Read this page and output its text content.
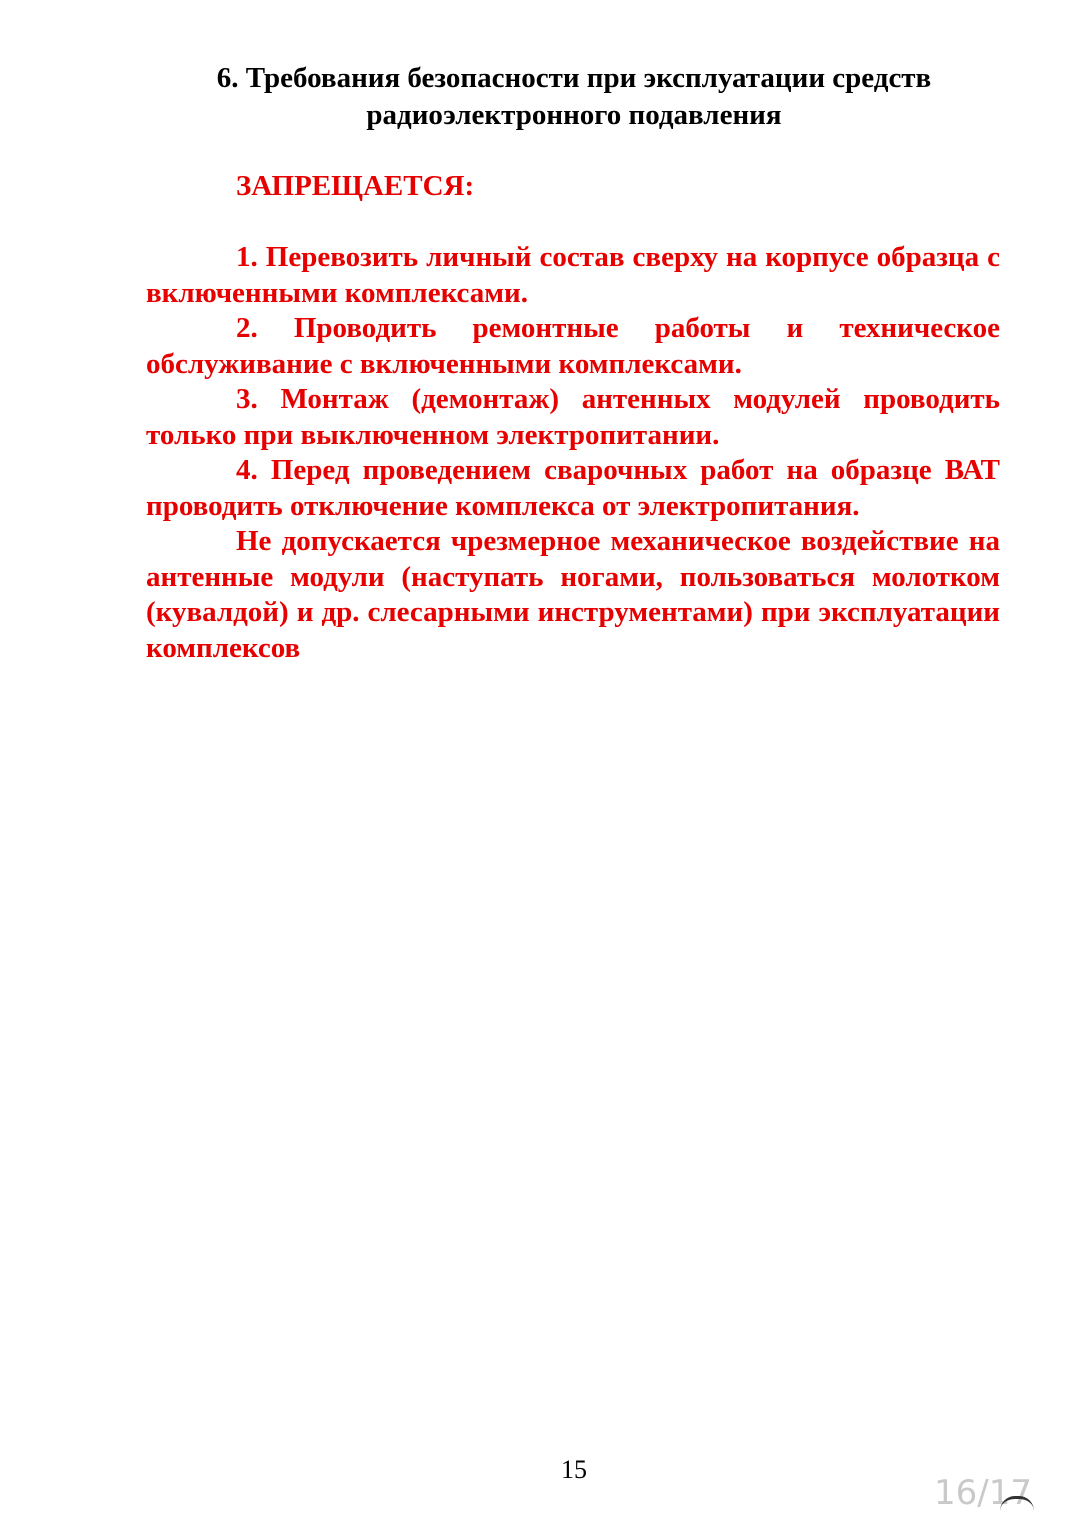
6. Требования безопасности при эксплуатации средств
радиоэлектронного подавления
ЗАПРЕЩАЕТСЯ:

1. Перевозить личный состав сверху на корпусе образца с включенными комплексами.

2. Проводить ремонтные работы и техническое обслуживание с включенными комплексами.

3. Монтаж (демонтаж) антенных модулей проводить только при выключенном электропитании.

4. Перед проведением сварочных работ на образце ВАТ проводить отключение комплекса от электропитания.

Не допускается чрезмерное механическое воздействие на антенные модули (наступать ногами, пользоваться молотком (кувалдой) и др. слесарными инструментами) при эксплуатации комплексов

15
16/17
